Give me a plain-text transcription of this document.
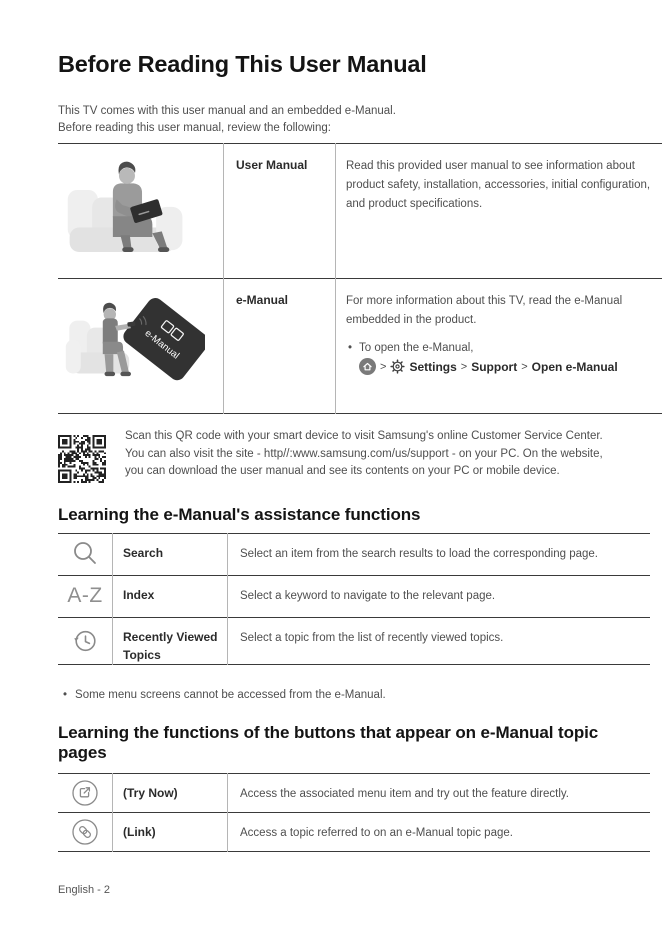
Before Reading This User Manual
This TV comes with this user manual and an embedded e-Manual.
Before reading this user manual, review the following:
	User Manual	Read this provided user manual to see information about product safety, installation, accessories, initial configuration, and product specifications.

e-Manual
	e-Manual	For more information about this TV, read the e-Manual embedded in the product.
• To open the e-Manual,
> Settings > Support > Open e-Manual
Scan this QR code with your smart device to visit Samsung's online Customer Service Center. You can also visit the site - http//:www.samsung.com/us/support - on your PC. On the website, you can download the user manual and see its contents on your PC or mobile device.
Learning the e-Manual's assistance functions
	Search	Select an item from the search results to load the corresponding page.
A-Z	Index	Select a keyword to navigate to the relevant page.

	Recently Viewed Topics	Select a topic from the list of recently viewed topics.
• Some menu screens cannot be accessed from the e-Manual.
Learning the functions of the buttons that appear on e-Manual topic pages
	(Try Now)	Access the associated menu item and try out the feature directly.

	(Link)	Access a topic referred to on an e-Manual topic page.
English - 2
